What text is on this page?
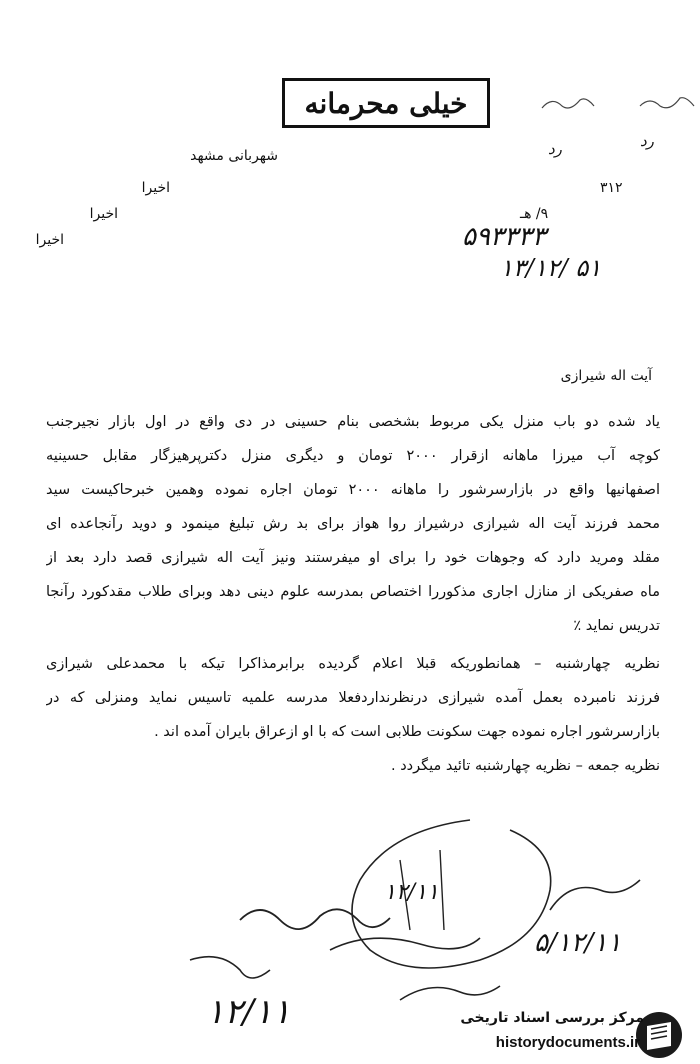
خیلی محرمانه
رد
رد
شهربانی مشهد
اخیرا
اخیرا
اخیرا
۳۱۲
۹/ هـ
۵۹۳۳۳۳
۱۳/۱۲/ ۵۱
آیت اله شیرازی

یاد شده دو باب منزل یکی مربوط بشخصی بنام حسینی در دی واقع در اول بازار نجیرجنب

کوچه آب میرزا ماهانه ازقرار ۲۰۰۰ تومان و دیگری منزل دکترپرهیزگار مقابل حسینیه

اصفهانیها واقع در بازارسرشور را ماهانه ۲۰۰۰ تومان اجاره نموده وهمین خبرحاکیست سید

محمد فرزند آیت اله شیرازی درشیراز روا هواز برای بد رش تبلیغ مینمود و دوید رآنجاعده ای

مقلد ومرید دارد که وجوهات خود را برای او میفرستند ونیز آیت اله شیرازی قصد دارد بعد از

ماه صفریکی از منازل اجاری مذکوررا اختصاص بمدرسه علوم دینی دهد وبرای طلاب مقدکورد رآنجا

تدریس نماید ٪

نظریه چهارشنبه – همانطوریکه قبلا اعلام گردیده برابرمذاکرا تیکه با محمدعلی شیرازی

فرزند نامبرده بعمل آمده شیرازی درنظرنداردفعلا مدرسه علمیه تاسیس نماید ومنزلی که در

بازارسرشور اجاره نموده جهت سکونت طلابی است که با او ازعراق بایران آمده اند .

نظریه جمعه – نظریه چهارشنبه تائید میگردد .

۱۲/۱۱
۵/۱۲/۱۱
۱۲/۱۱	مرکز بررسی اسناد تاریخی
historydocuments.ir
